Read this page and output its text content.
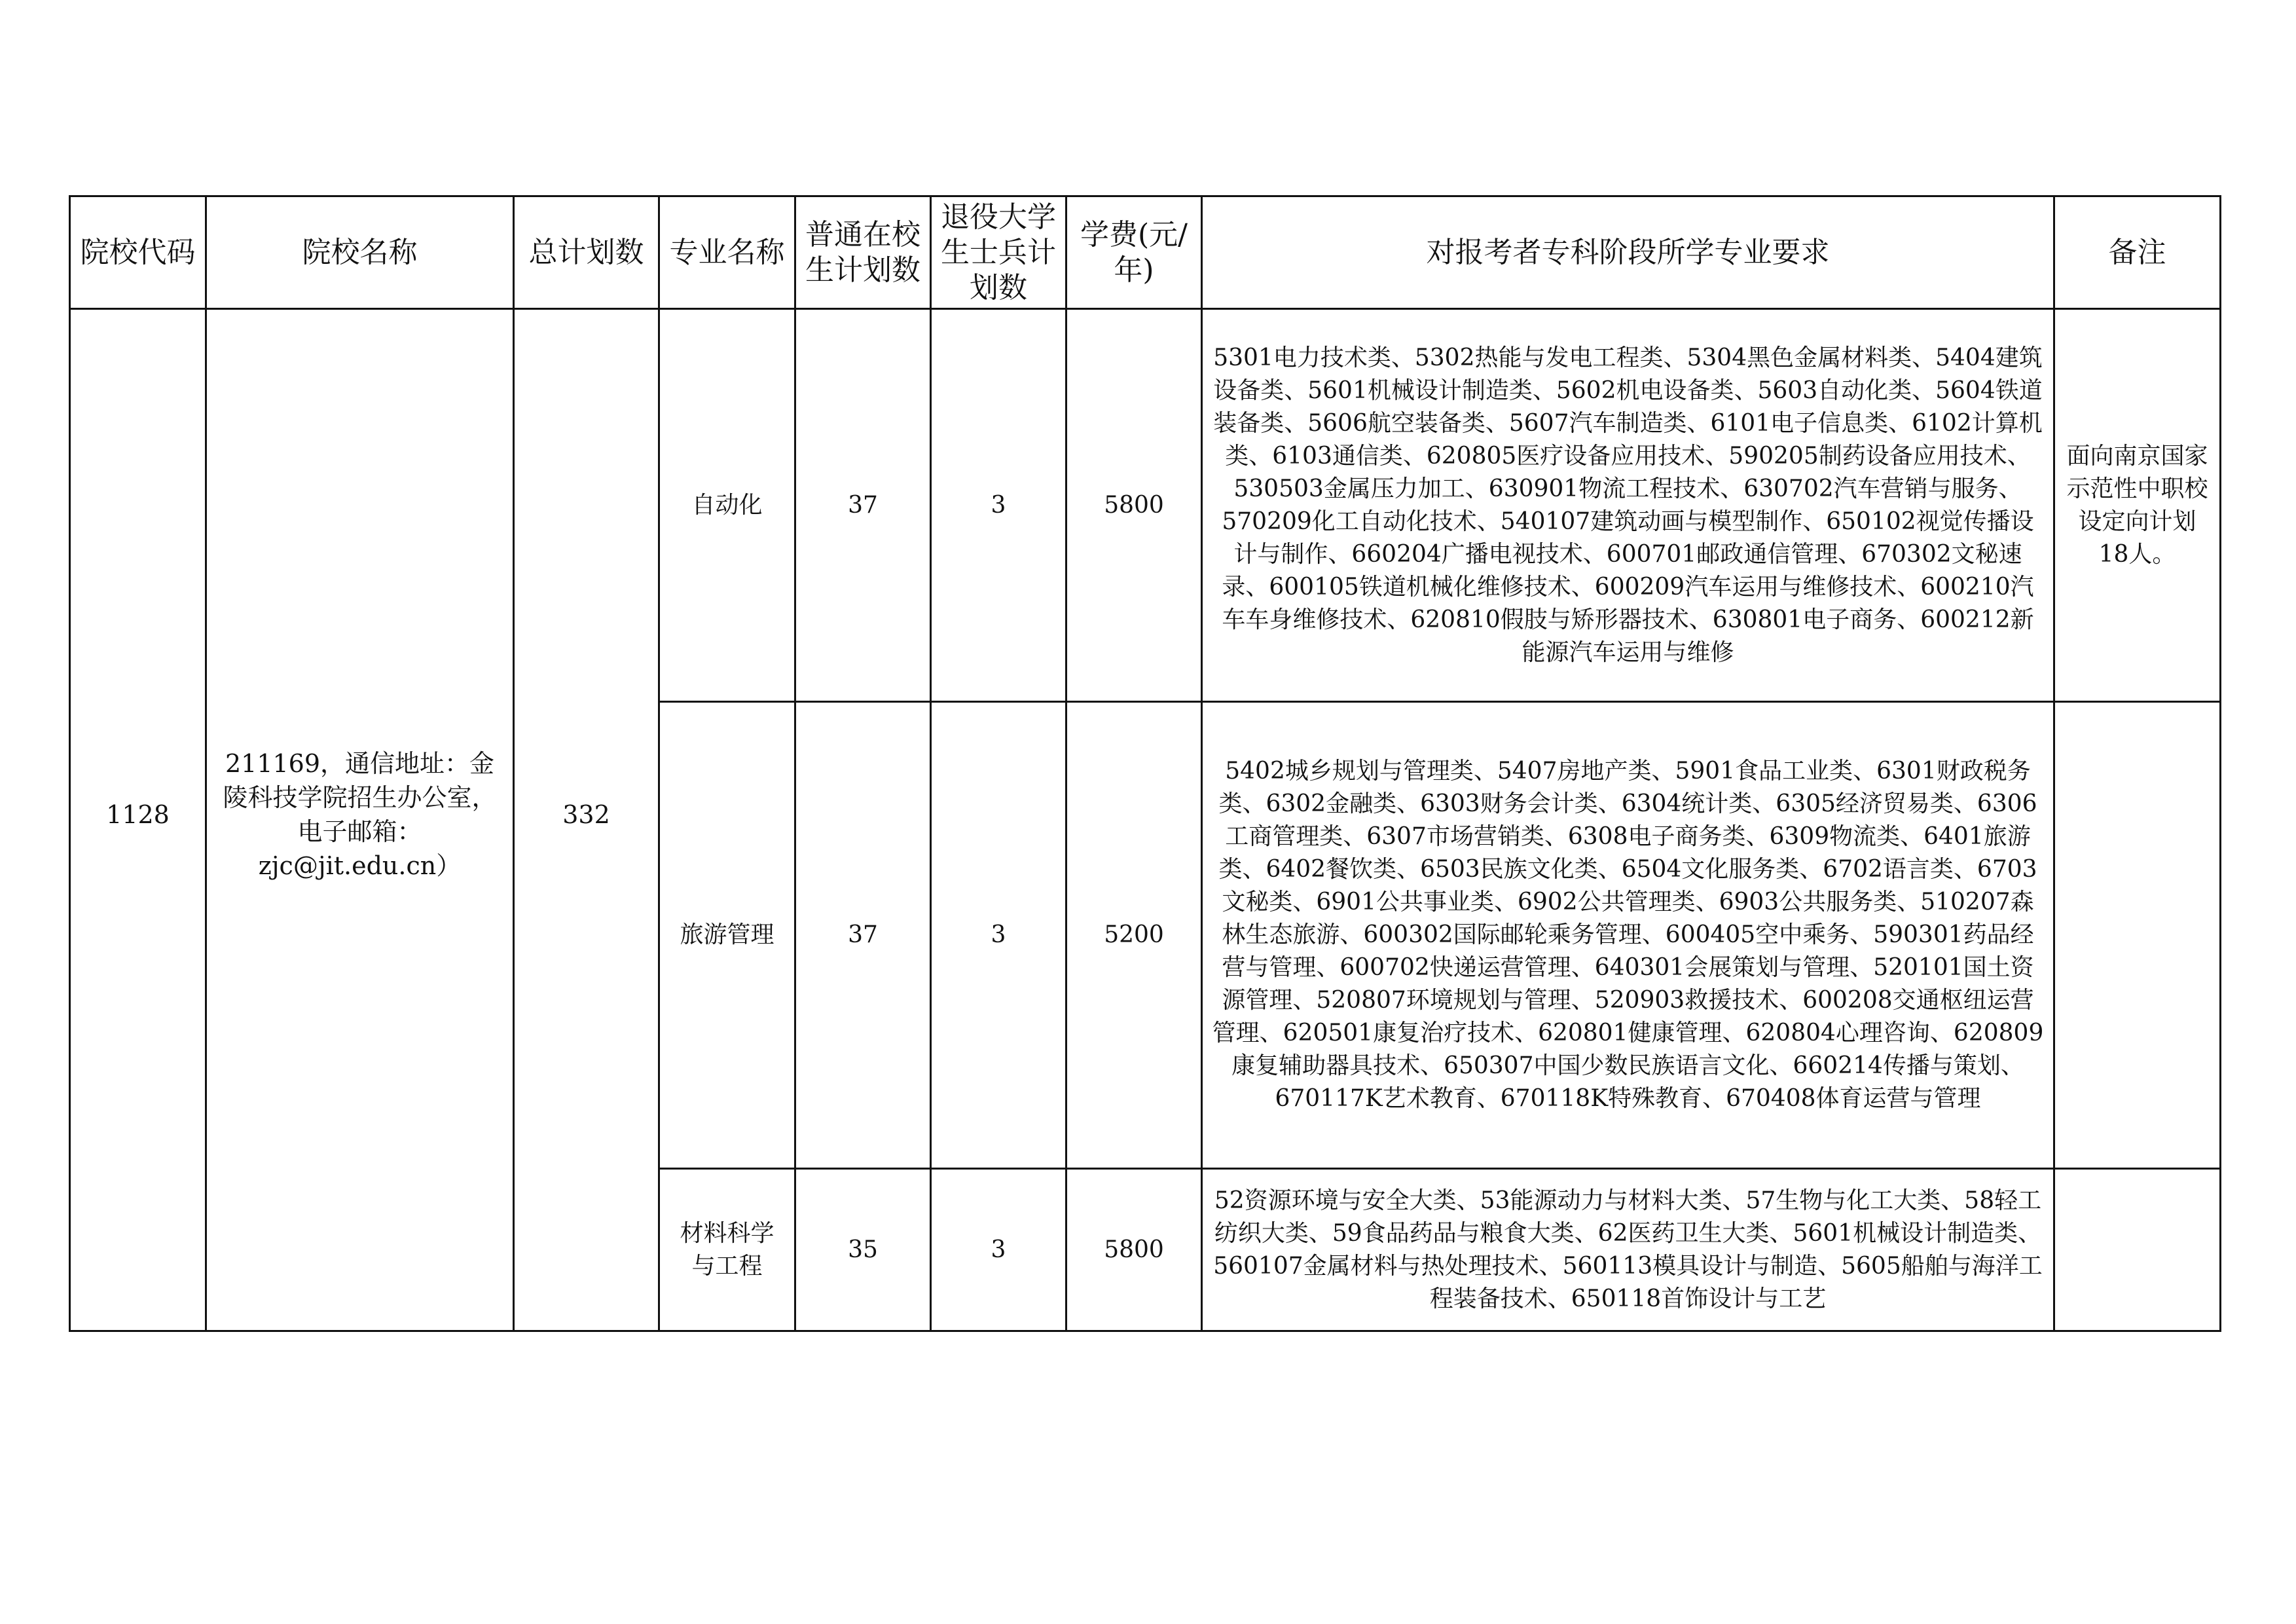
院校代码	院校名称	总计划数	专业名称	普通在校生计划数	退役大学生士兵计划数	学费(元/年)	对报考者专科阶段所学专业要求	备注

1128	211169，通信地址：金陵科技学院招生办公室，电子邮箱：zjc@jit.edu.cn）	332	自动化	37	3	5800	5301电力技术类、5302热能与发电工程类、5304黑色金属材料类、5404建筑设备类、5601机械设计制造类、5602机电设备类、5603自动化类、5604铁道装备类、5606航空装备类、5607汽车制造类、6101电子信息类、6102计算机类、6103通信类、620805医疗设备应用技术、590205制药设备应用技术、530503金属压力加工、630901物流工程技术、630702汽车营销与服务、570209化工自动化技术、540107建筑动画与模型制作、650102视觉传播设计与制作、660204广播电视技术、600701邮政通信管理、670302文秘速录、600105铁道机械化维修技术、600209汽车运用与维修技术、600210汽车车身维修技术、620810假肢与矫形器技术、630801电子商务、600212新能源汽车运用与维修	面向南京国家示范性中职校设定向计划18人。
			旅游管理	37	3	5200	5402城乡规划与管理类、5407房地产类、5901食品工业类、6301财政税务类、6302金融类、6303财务会计类、6304统计类、6305经济贸易类、6306工商管理类、6307市场营销类、6308电子商务类、6309物流类、6401旅游类、6402餐饮类、6503民族文化类、6504文化服务类、6702语言类、6703文秘类、6901公共事业类、6902公共管理类、6903公共服务类、510207森林生态旅游、600302国际邮轮乘务管理、600405空中乘务、590301药品经营与管理、600702快递运营管理、640301会展策划与管理、520101国土资源管理、520807环境规划与管理、520903救援技术、600208交通枢纽运营管理、620501康复治疗技术、620801健康管理、620804心理咨询、620809康复辅助器具技术、650307中国少数民族语言文化、660214传播与策划、670117K艺术教育、670118K特殊教育、670408体育运营与管理	
			材料科学与工程	35	3	5800	52资源环境与安全大类、53能源动力与材料大类、57生物与化工大类、58轻工纺织大类、59食品药品与粮食大类、62医药卫生大类、5601机械设计制造类、560107金属材料与热处理技术、560113模具设计与制造、5605船舶与海洋工程装备技术、650118首饰设计与工艺	
